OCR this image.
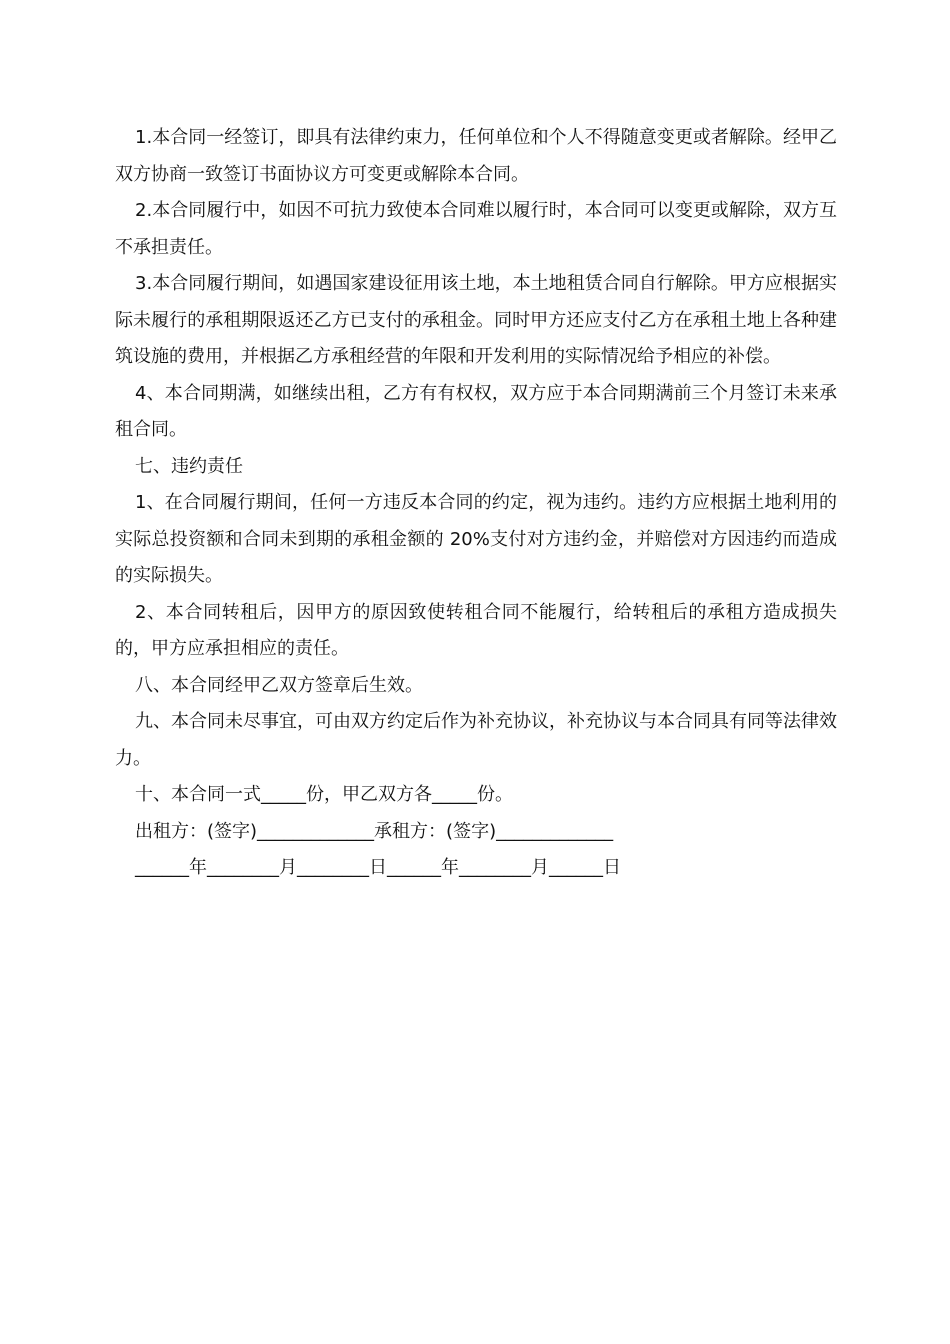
1.本合同一经签订，即具有法律约束力，任何单位和个人不得随意变更或者解除。经甲乙双方协商一致签订书面协议方可变更或解除本合同。

2.本合同履行中，如因不可抗力致使本合同难以履行时，本合同可以变更或解除，双方互不承担责任。

3.本合同履行期间，如遇国家建设征用该土地，本土地租赁合同自行解除。甲方应根据实际未履行的承租期限返还乙方已支付的承租金。同时甲方还应支付乙方在承租土地上各种建筑设施的费用，并根据乙方承租经营的年限和开发利用的实际情况给予相应的补偿。

4、本合同期满，如继续出租，乙方有有权权，双方应于本合同期满前三个月签订未来承租合同。

七、违约责任

1、在合同履行期间，任何一方违反本合同的约定，视为违约。违约方应根据土地利用的实际总投资额和合同未到期的承租金额的 20%支付对方违约金，并赔偿对方因违约而造成的实际损失。

2、本合同转租后，因甲方的原因致使转租合同不能履行，给转租后的承租方造成损失的，甲方应承担相应的责任。

八、本合同经甲乙双方签章后生效。

九、本合同未尽事宜，可由双方约定后作为补充协议，补充协议与本合同具有同等法律效力。

十、本合同一式_____份，甲乙双方各_____份。

出租方：(签字)_____________承租方：(签字)_____________

______年________月________日______年________月______日
